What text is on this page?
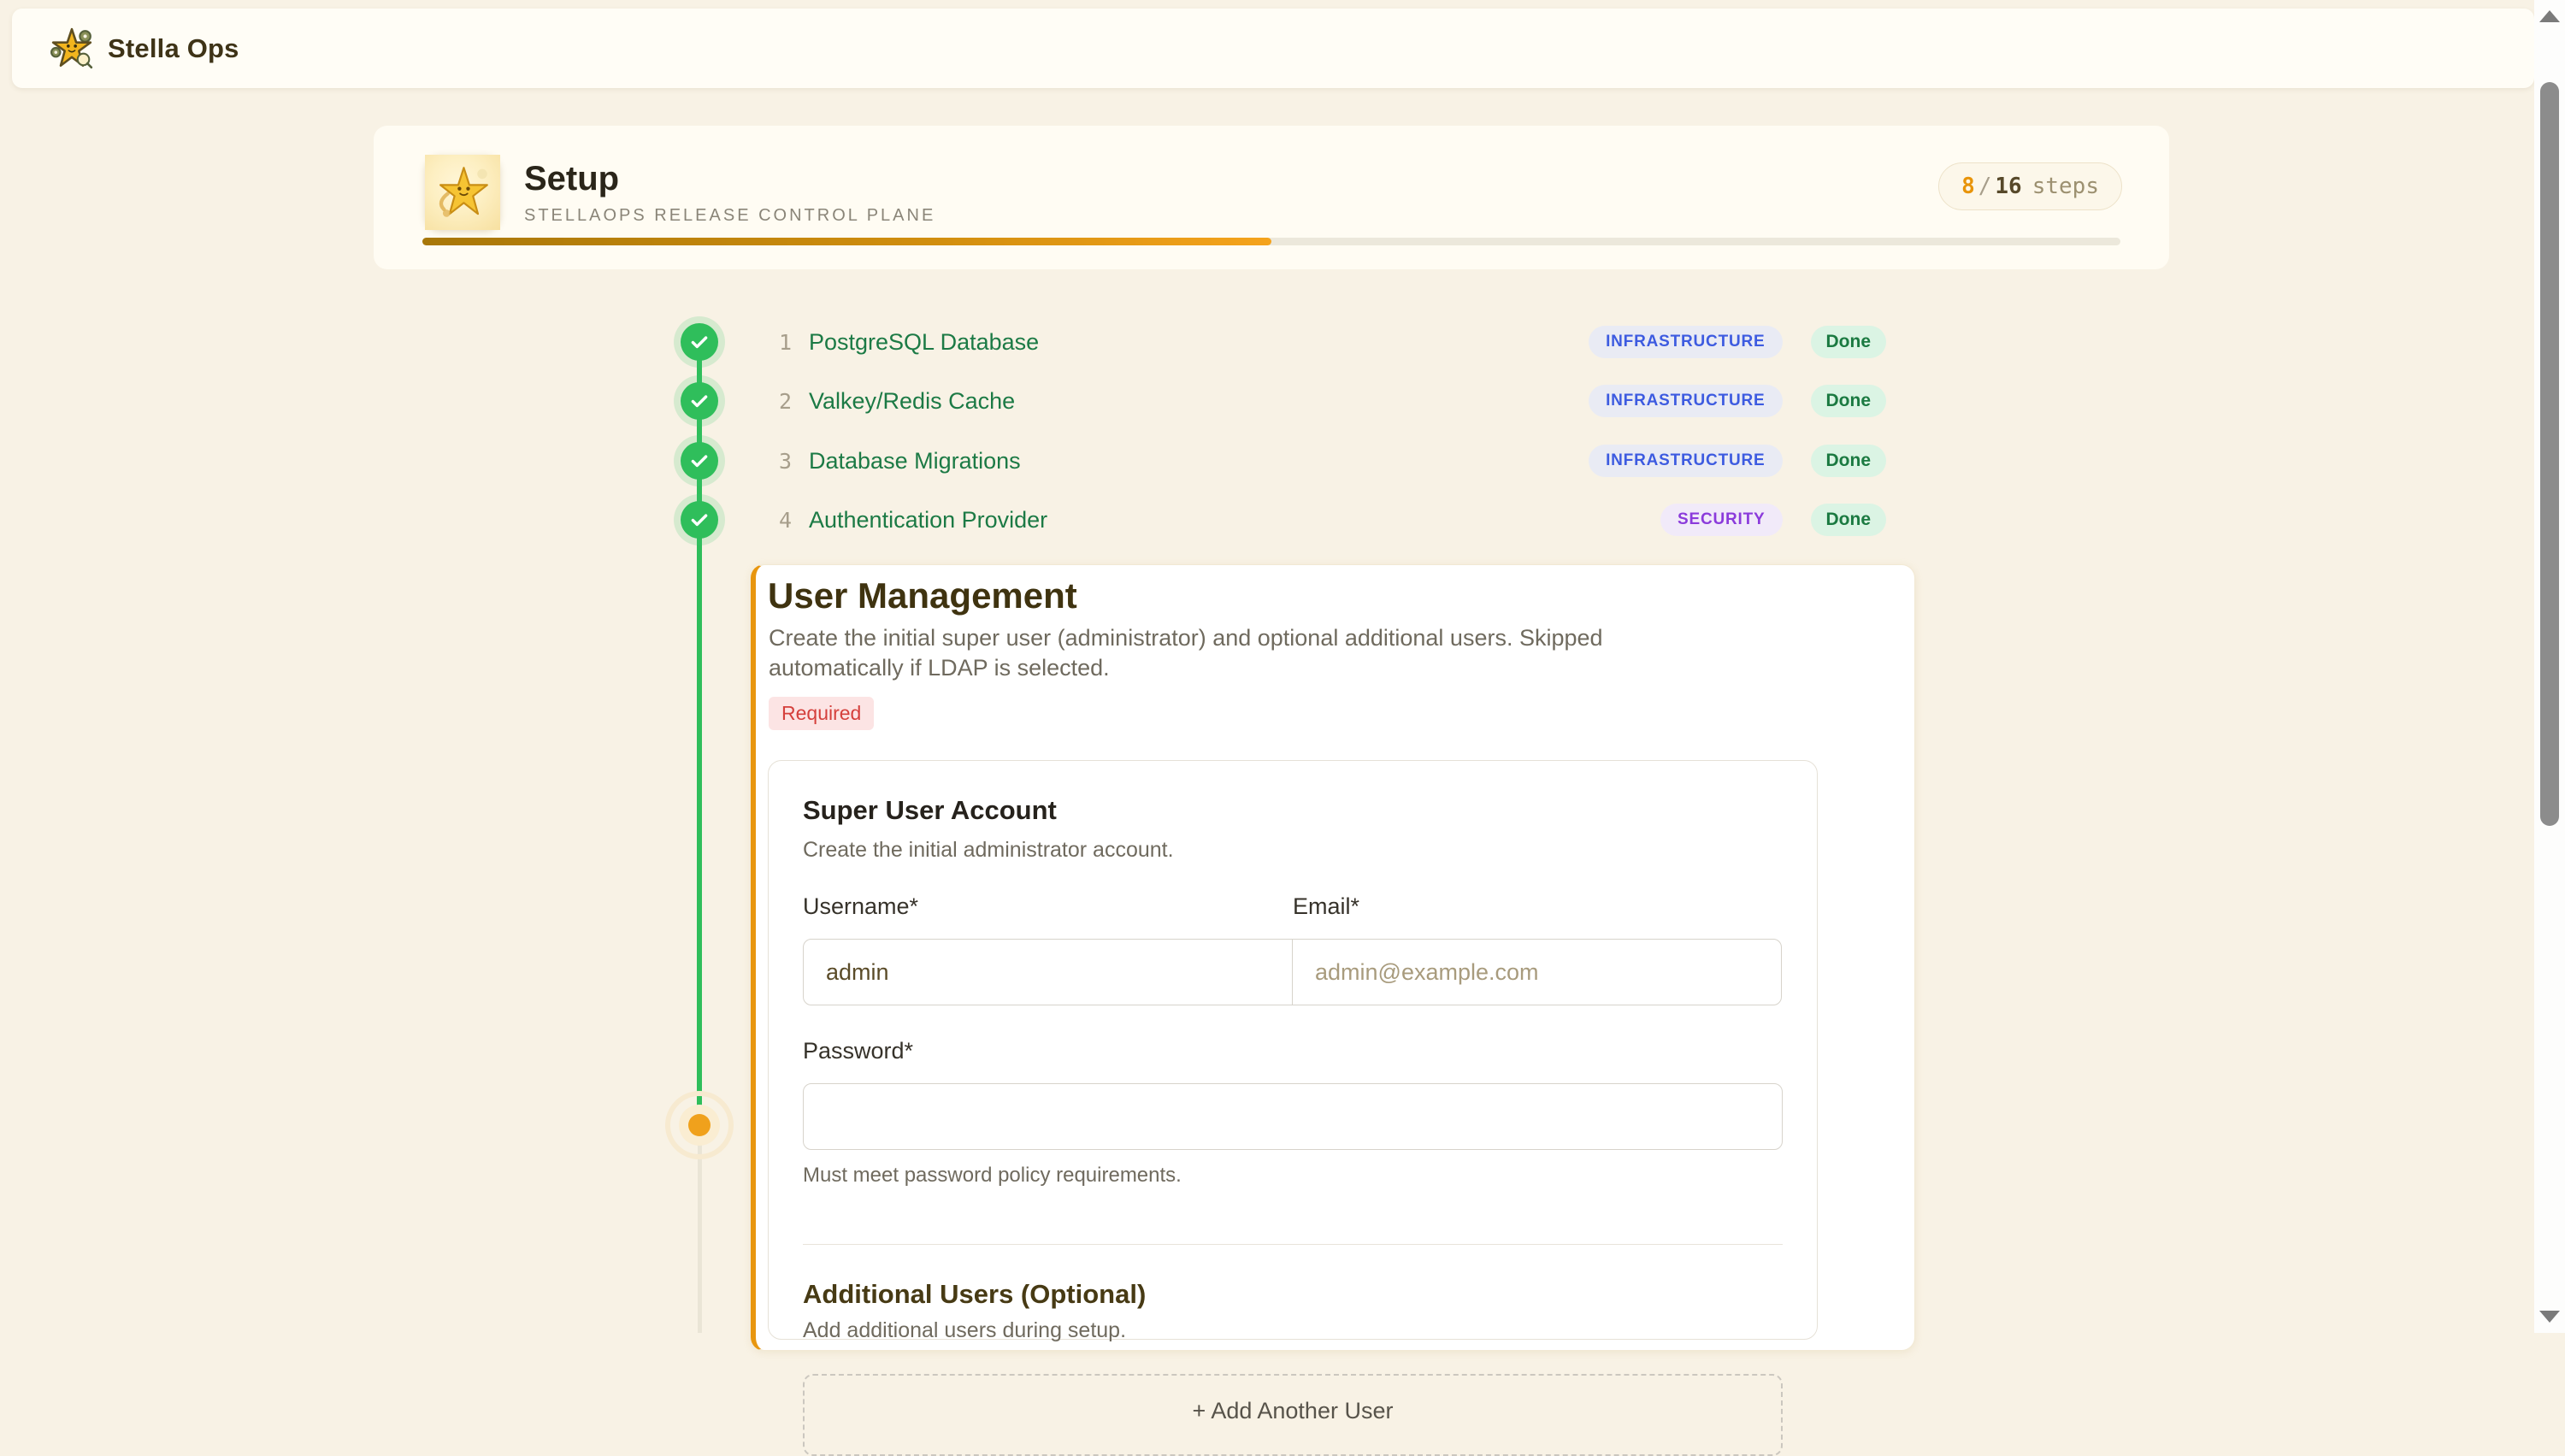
Stella Ops
Setup
STELLAOPS RELEASE CONTROL PLANE
8 / 16 steps
1 PostgreSQL Database	INFRASTRUCTURE	Done
2 Valkey/Redis Cache	INFRASTRUCTURE	Done
3 Database Migrations	INFRASTRUCTURE	Done
4 Authentication Provider	SECURITY	Done
User Management

Create the initial super user (administrator) and optional additional users. Skipped automatically if LDAP is selected.

Required
Super User Account

Create the initial administrator account.

Username*	Email*
admin
admin@example.com
Password*

Must meet password policy requirements.

Additional Users (Optional)

Add additional users during setup.

+ Add Another User
